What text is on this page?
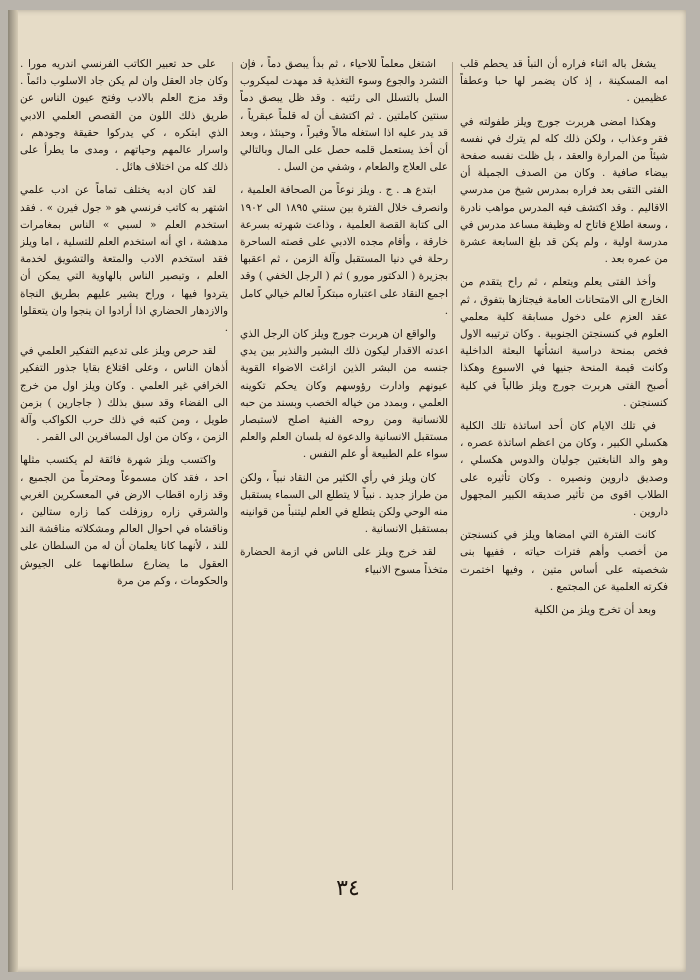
يشغل باله اثناء فراره أن النبأ قد يحطم قلب امه المسكينة ، إذ كان يضمر لها حبا وعطفاً عظيمين .

وهكذا امضى هربرت جورج ويلز طفولته في فقر وعذاب ، ولكن ذلك كله لم يترك في نفسه شيئاً من المرارة والعقد ، بل ظلت نفسه صفحة بيضاء صافية . وكان من الصدف الجميلة أن الفتى التقى بعد فراره بمدرس شيخ من مدرسي الاقاليم . وقد اكتشف فيه المدرس مواهب نادرة ، وسعة اطلاع فاتاح له وظيفة مساعد مدرس في مدرسة اولية ، ولم يكن قد بلغ السابعة عشرة من عمره بعد .

وأخذ الفتى يعلم ويتعلم ، ثم راح يتقدم من الخارج الى الامتحانات العامة فيجتازها بتفوق ، ثم عقد العزم على دخول مسابقة كلية معلمي العلوم في كنسنجتن الجنوبية . وكان ترتيبه الاول فخص بمنحة دراسية انشأتها البعثة الداخلية وكانت قيمة المنحة جنيها في الاسبوع وهكذا أصبح الفتى هربرت جورج ويلز طالباً في كلية كنسنجتن .

في تلك الايام كان أحد اساتذة تلك الكلية هكسلي الكبير ، وكان من اعظم اساتذة عصره ، وهو والد النابغتين جوليان والدوس هكسلي ، وصديق داروين ونصيره . وكان تأثيره على الطلاب اقوى من تأثير صديقه الكبير المجهول داروين .

كانت الفترة التي امضاها ويلز في كنسنجتن من أخصب وأهم فترات حياته ، ففيها بنى شخصيته على أساس متين ، وفيها اختمرت فكرته العلمية عن المجتمع .

وبعد أن تخرج ويلز من الكلية

اشتغل معلماً للاحياء ، ثم بدأ يبصق دماً ، فإن التشرد والجوع وسوء التغذية قد مهدت لميكروب السل بالتسلل الى رئتيه . وقد ظل يبصق دماً سنتين كاملتين . ثم اكتشف أن له قلماً عبقرياً ، قد يدر عليه اذا استغله مالاً وفيراً ، وحينئذ ، وبعد أن أخذ يستعمل قلمه حصل على المال وبالتالي على العلاج والطعام ، وشفي من السل .

ابتدع هـ . ج . ويلز نوعاً من الصحافة العلمية ، وانصرف خلال الفترة بين سنتي ١٨٩٥ الى ١٩٠٢ الى كتابة القصة العلمية ، وذاعت شهرته بسرعة خارقة ، وأقام مجده الادبي على قصته الساحرة رحلة في دنيا المستقبل وآلة الزمن ، ثم اعقبها بجزيرة ( الدكتور مورو ) ثم ( الرجل الخفي ) وقد اجمع النقاد على اعتباره مبتكراً لعالم خيالي كامل .

والواقع ان هربرت جورج ويلز كان الرجل الذي اعدته الاقدار ليكون ذلك البشير والنذير بين يدي جنسه من البشر الذين ازاغت الاضواء القوية عيونهم وادارت رؤوسهم وكان يحكم تكوينه العلمي ، وبمدد من خياله الخصب وبسند من حبه للانسانية ومن روحه الفنية اصلح لاستبصار مستقبل الانسانية والدعوة له بلسان العلم والعلم سواء علم الطبيعة أو علم النفس .

كان ويلز في رأي الكثير من النقاد نبياً ، ولكن من طراز جديد . نبياً لا يتطلع الى السماء يستقبل منه الوحي ولكن يتطلع في العلم ليتنبأ من قوانينه بمستقبل الانسانية .

لقد خرج ويلز على الناس في ازمة الحضارة متخذاً مسوح الانبياء

على حد تعبير الكاتب الفرنسي اندريه مورا . وكان جاد العقل وان لم يكن جاد الاسلوب دائماً . وقد مزج العلم بالادب وفتح عيون الناس عن طريق ذلك اللون من القصص العلمي الادبي الذي ابتكره ، كي يدركوا حقيقة وجودهم ، واسرار عالمهم وحياتهم ، ومدى ما يطرأ على ذلك كله من اختلاف هائل .

لقد كان ادبه يختلف تماماً عن ادب علمي اشتهر به كاتب فرنسي هو « جول فيرن » . فقد استخدم العلم « لسبي » الناس بمغامرات مدهشة ، اي أنه استخدم العلم للتسلية ، اما ويلز فقد استخدم الادب والمتعة والتشويق لخدمة العلم ، وتبصير الناس بالهاوية التي يمكن أن يتردوا فيها ، وراح يشير عليهم بطريق النجاة والازدهار الحضاري اذا أرادوا ان ينجوا وان يتعقلوا .

لقد حرص ويلز على تدعيم التفكير العلمي في أذهان الناس ، وعلى اقتلاع بقايا جذور التفكير الخرافي غير العلمي . وكان ويلز اول من خرج الى الفضاء وقد سبق بذلك ( جاجارين ) بزمن طويل ، ومن كتبه في ذلك حرب الكواكب وآلة الزمن ، وكان من اول المسافرين الى القمر .

واكتسب ويلز شهرة فائقة لم يكتسب مثلها احد ، فقد كان مسموعاً ومحترماً من الجميع ، وقد زاره اقطاب الارض في المعسكرين الغربي والشرقي زاره روزفلت كما زاره ستالين ، وناقشاه في احوال العالم ومشكلاته مناقشة الند للند ، لأنهما كانا يعلمان أن له من السلطان على العقول ما يضارع سلطانهما على الجيوش والحكومات ، وكم من مرة

٣٤
